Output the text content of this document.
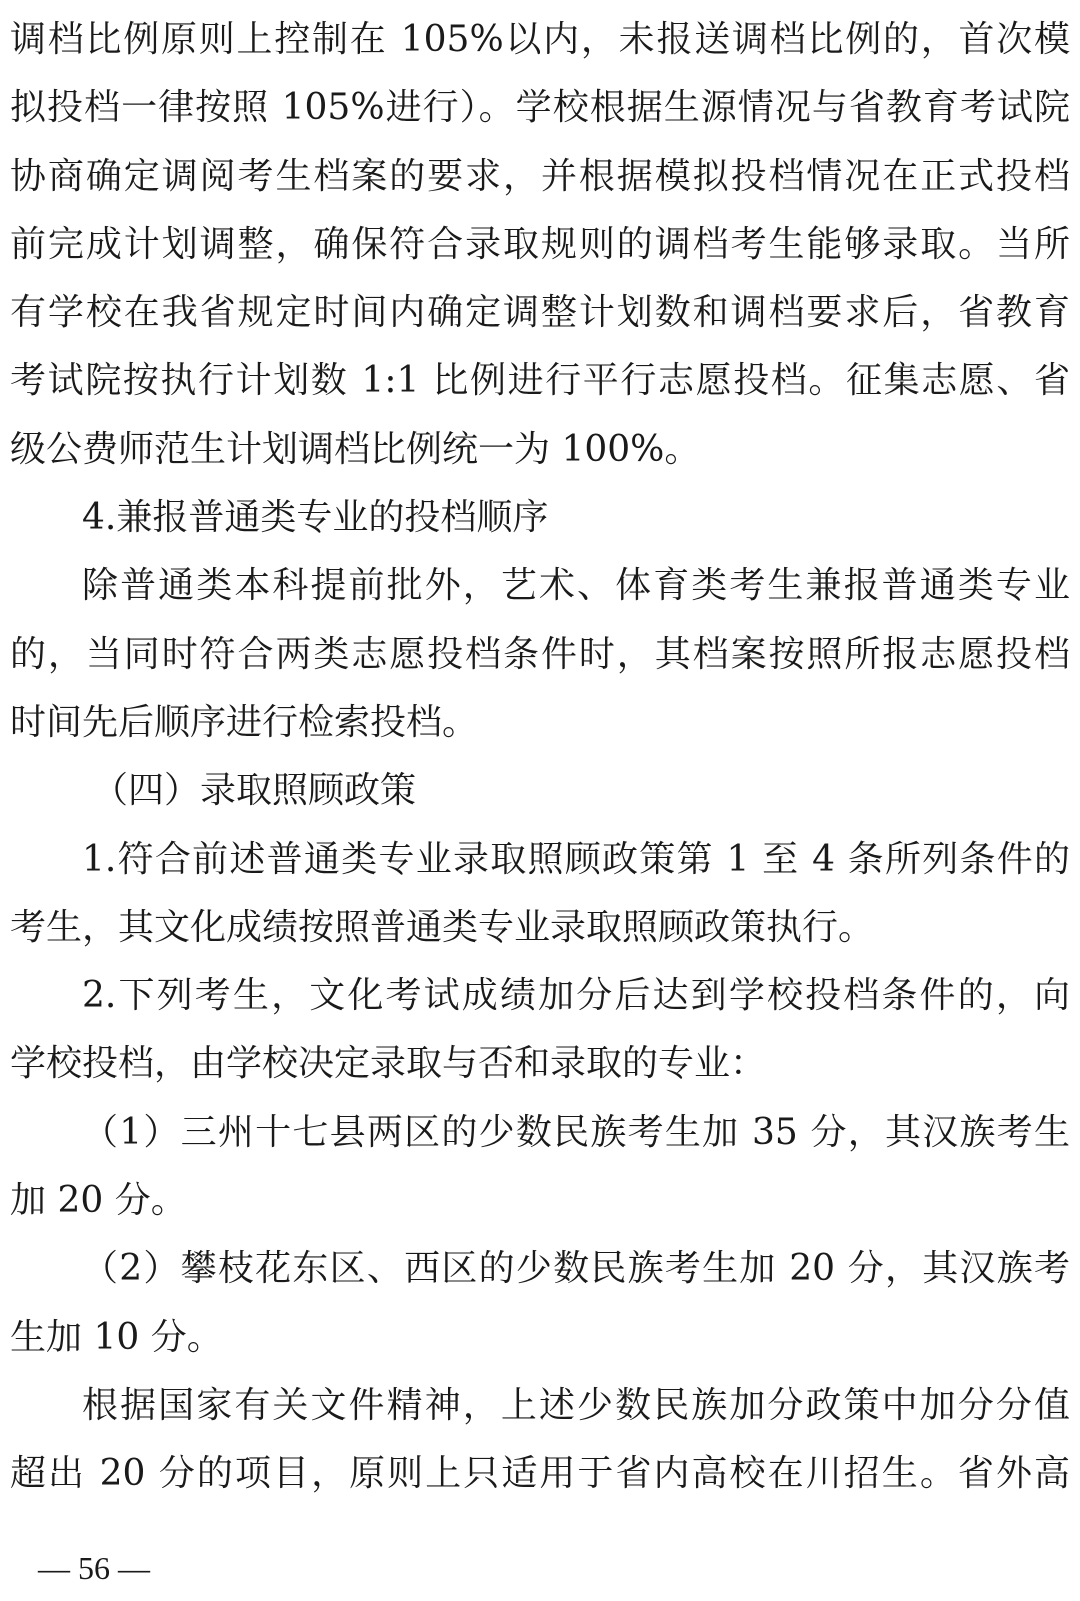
调档比例原则上控制在 105%以内，未报送调档比例的，首次模
拟投档一律按照 105%进行）。学校根据生源情况与省教育考试院
协商确定调阅考生档案的要求，并根据模拟投档情况在正式投档
前完成计划调整，确保符合录取规则的调档考生能够录取。当所
有学校在我省规定时间内确定调整计划数和调档要求后，省教育
考试院按执行计划数 1:1 比例进行平行志愿投档。征集志愿、省
级公费师范生计划调档比例统一为 100%。
4.兼报普通类专业的投档顺序
除普通类本科提前批外，艺术、体育类考生兼报普通类专业
的，当同时符合两类志愿投档条件时，其档案按照所报志愿投档
时间先后顺序进行检索投档。
（四）录取照顾政策
1.符合前述普通类专业录取照顾政策第 1 至 4 条所列条件的
考生，其文化成绩按照普通类专业录取照顾政策执行。
2.下列考生，文化考试成绩加分后达到学校投档条件的，向
学校投档，由学校决定录取与否和录取的专业：
（1）三州十七县两区的少数民族考生加 35 分，其汉族考生
加 20 分。
（2）攀枝花东区、西区的少数民族考生加 20 分，其汉族考
生加 10 分。
根据国家有关文件精神，上述少数民族加分政策中加分分值
超出 20 分的项目，原则上只适用于省内高校在川招生。省外高
— 56 —
